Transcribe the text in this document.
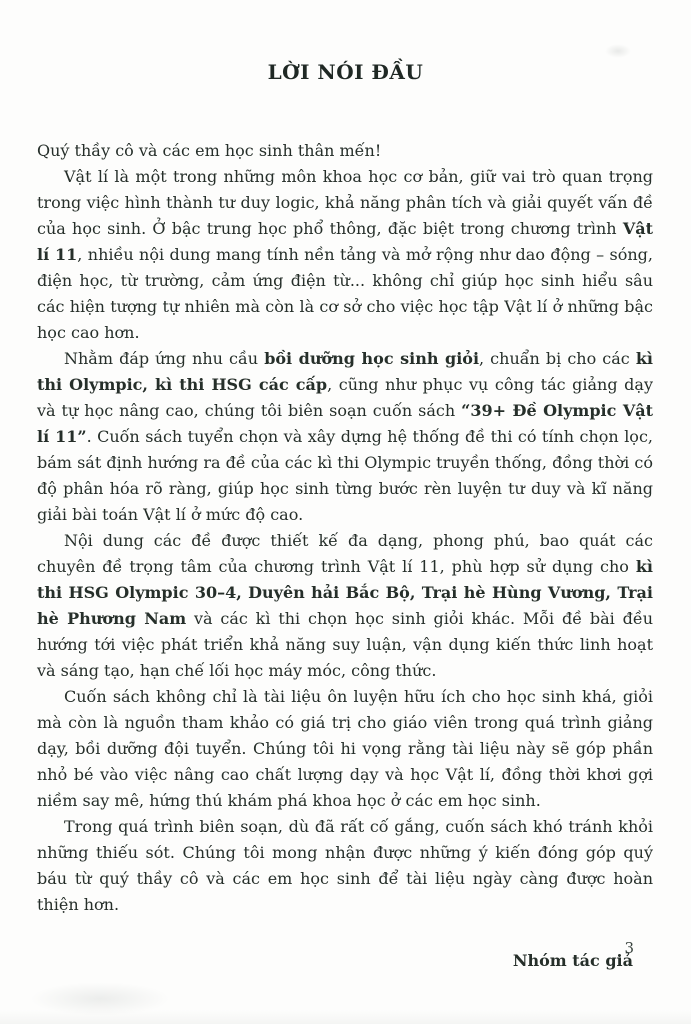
LỜI NÓI ĐẦU

Quý thầy cô và các em học sinh thân mến!

Vật lí là một trong những môn khoa học cơ bản, giữ vai trò quan trọng trong việc hình thành tư duy logic, khả năng phân tích và giải quyết vấn đề của học sinh. Ở bậc trung học phổ thông, đặc biệt trong chương trình Vật lí 11, nhiều nội dung mang tính nền tảng và mở rộng như dao động – sóng, điện học, từ trường, cảm ứng điện từ... không chỉ giúp học sinh hiểu sâu các hiện tượng tự nhiên mà còn là cơ sở cho việc học tập Vật lí ở những bậc học cao hơn.

Nhằm đáp ứng nhu cầu bồi dưỡng học sinh giỏi, chuẩn bị cho các kì thi Olympic, kì thi HSG các cấp, cũng như phục vụ công tác giảng dạy và tự học nâng cao, chúng tôi biên soạn cuốn sách “39+ Đề Olympic Vật lí 11”. Cuốn sách tuyển chọn và xây dựng hệ thống đề thi có tính chọn lọc, bám sát định hướng ra đề của các kì thi Olympic truyền thống, đồng thời có độ phân hóa rõ ràng, giúp học sinh từng bước rèn luyện tư duy và kĩ năng giải bài toán Vật lí ở mức độ cao.

Nội dung các đề được thiết kế đa dạng, phong phú, bao quát các chuyên đề trọng tâm của chương trình Vật lí 11, phù hợp sử dụng cho kì thi HSG Olympic 30–4, Duyên hải Bắc Bộ, Trại hè Hùng Vương, Trại hè Phương Nam và các kì thi chọn học sinh giỏi khác. Mỗi đề bài đều hướng tới việc phát triển khả năng suy luận, vận dụng kiến thức linh hoạt và sáng tạo, hạn chế lối học máy móc, công thức.

Cuốn sách không chỉ là tài liệu ôn luyện hữu ích cho học sinh khá, giỏi mà còn là nguồn tham khảo có giá trị cho giáo viên trong quá trình giảng dạy, bồi dưỡng đội tuyển. Chúng tôi hi vọng rằng tài liệu này sẽ góp phần nhỏ bé vào việc nâng cao chất lượng dạy và học Vật lí, đồng thời khơi gợi niềm say mê, hứng thú khám phá khoa học ở các em học sinh.

Trong quá trình biên soạn, dù đã rất cố gắng, cuốn sách khó tránh khỏi những thiếu sót. Chúng tôi mong nhận được những ý kiến đóng góp quý báu từ quý thầy cô và các em học sinh để tài liệu ngày càng được hoàn thiện hơn.

Nhóm tác giả

3
